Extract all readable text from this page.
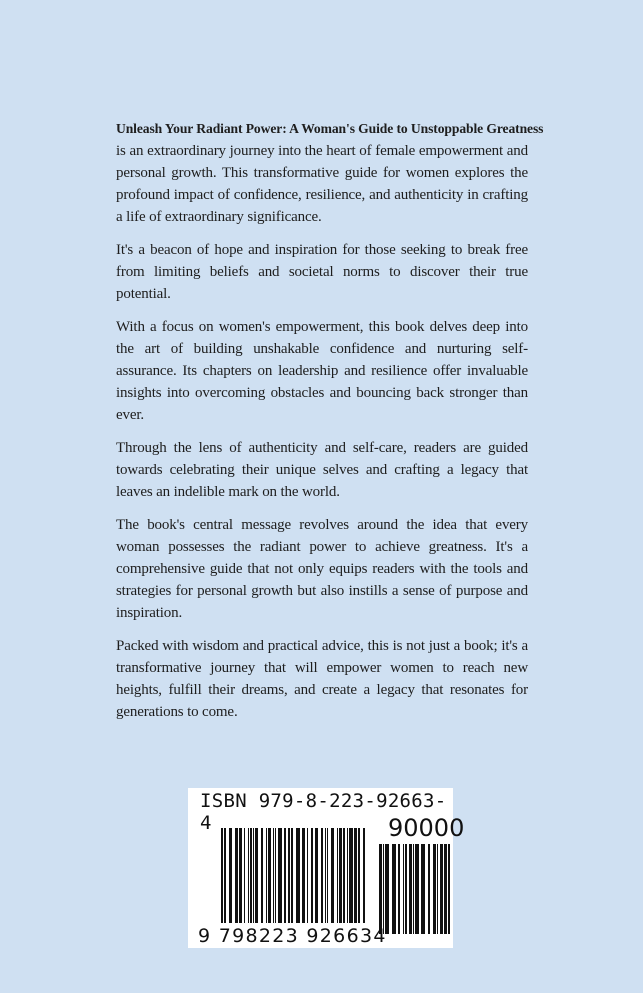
Unleash Your Radiant Power: A Woman's Guide to Unstoppable Greatness
is an extraordinary journey into the heart of female empowerment and personal growth. This transformative guide for women explores the profound impact of confidence, resilience, and authenticity in crafting a life of extraordinary significance.

It's a beacon of hope and inspiration for those seeking to break free from limiting beliefs and societal norms to discover their true potential.

With a focus on women's empowerment, this book delves deep into the art of building unshakable confidence and nurturing self-assurance. Its chapters on leadership and resilience offer invaluable insights into overcoming obstacles and bouncing back stronger than ever.

Through the lens of authenticity and self-care, readers are guided towards celebrating their unique selves and crafting a legacy that leaves an indelible mark on the world.

The book's central message revolves around the idea that every woman possesses the radiant power to achieve greatness. It's a comprehensive guide that not only equips readers with the tools and strategies for personal growth but also instills a sense of purpose and inspiration.

Packed with wisdom and practical advice, this is not just a book; it's a transformative journey that will empower women to reach new heights, fulfill their dreams, and create a legacy that resonates for generations to come.

ISBN 979-8-223-92663-4	90000
9 798223 926634
